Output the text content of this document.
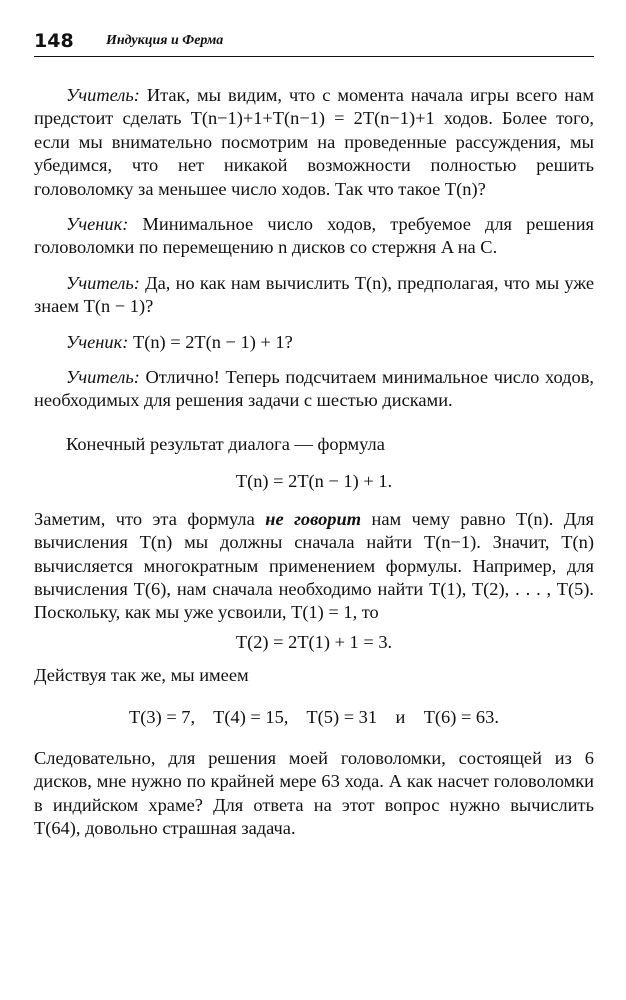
148 Индукция и Ферма

Учитель: Итак, мы видим, что с момента начала игры всего нам предстоит сделать T(n−1)+1+T(n−1) = 2T(n−1)+1 ходов. Более того, если мы внимательно посмотрим на проведенные рассуждения, мы убедимся, что нет никакой возможности полностью решить головоломку за меньшее число ходов. Так что такое T(n)?

Ученик: Минимальное число ходов, требуемое для решения головоломки по перемещению n дисков со стержня A на C.

Учитель: Да, но как нам вычислить T(n), предполагая, что мы уже знаем T(n − 1)?

Ученик: T(n) = 2T(n − 1) + 1?

Учитель: Отлично! Теперь подсчитаем минимальное число ходов, необходимых для решения задачи с шестью дисками.

Конечный результат диалога — формула

T(n) = 2T(n − 1) + 1.

Заметим, что эта формула не говорит нам чему равно T(n). Для вычисления T(n) мы должны сначала найти T(n−1). Значит, T(n) вычисляется многократным применением формулы. Например, для вычисления T(6), нам сначала необходимо найти T(1), T(2), . . . , T(5). Поскольку, как мы уже усвоили, T(1) = 1, то

T(2) = 2T(1) + 1 = 3.

Действуя так же, мы имеем

T(3) = 7,    T(4) = 15,    T(5) = 31    и    T(6) = 63.

Следовательно, для решения моей головоломки, состоящей из 6 дисков, мне нужно по крайней мере 63 хода. А как насчет головоломки в индийском храме? Для ответа на этот вопрос нужно вычислить T(64), довольно страшная задача.
